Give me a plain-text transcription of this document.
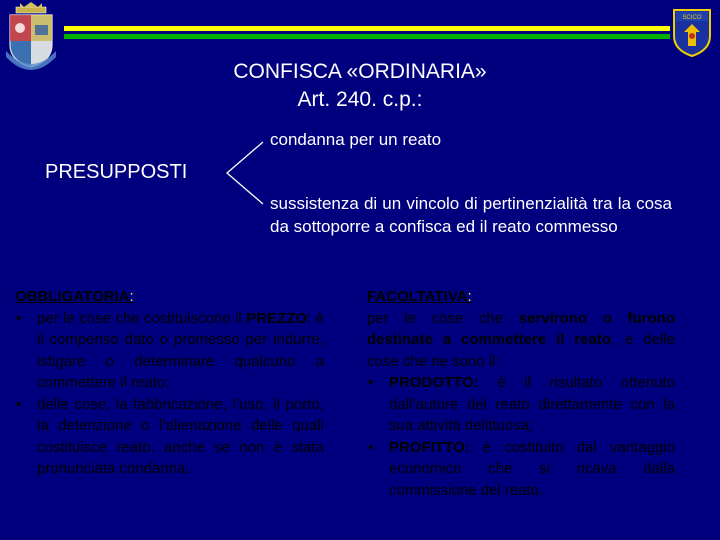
SCICO
CONFISCA «ORDINARIA»
Art. 240. c.p.:
condanna per un reato
PRESUPPOSTI
sussistenza di un vincolo di pertinenzialità tra la cosa da sottoporre a confisca ed il reato commesso
OBBLIGATORIA:
• per le cose che costituiscono il PREZZO: è il compenso dato o promesso per indurre, istigare o determinare qualcuno a commettere il reato;
• delle cose, la fabbricazione, l’uso, il porto, la detenzione o l’alienazione delle quali costituisce reato, anche se non è stata pronunciata condanna.
FACOLTATIVA:
per le cose che servirono o furono destinate a commettere il reato, e delle cose che ne sono il:
• PRODOTTO: è il risultato ottenuto dall’autore del reato direttamente con la sua attività delittuosa;
• PROFITTO: è costituito dal vantaggio economico che si ricava dalla commissione del reato.
